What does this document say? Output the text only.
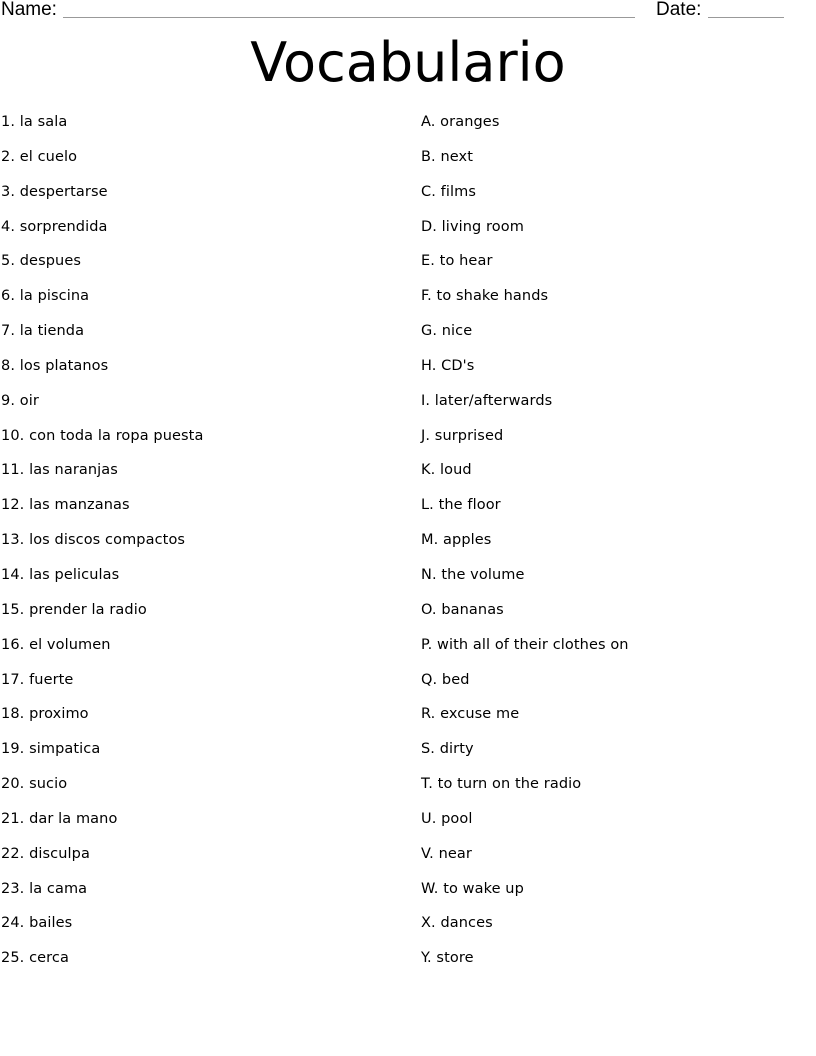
Name:	Date:
Vocabulario
1. la sala
2. el cuelo
3. despertarse
4. sorprendida
5. despues
6. la piscina
7. la tienda
8. los platanos
9. oir
10. con toda la ropa puesta
11. las naranjas
12. las manzanas
13. los discos compactos
14. las peliculas
15. prender la radio
16. el volumen
17. fuerte
18. proximo
19. simpatica
20. sucio
21. dar la mano
22. disculpa
23. la cama
24. bailes
25. cerca
A. oranges
B. next
C. films
D. living room
E. to hear
F. to shake hands
G. nice
H. CD's
I. later/afterwards
J. surprised
K. loud
L. the floor
M. apples
N. the volume
O. bananas
P. with all of their clothes on
Q. bed
R. excuse me
S. dirty
T. to turn on the radio
U. pool
V. near
W. to wake up
X. dances
Y. store
